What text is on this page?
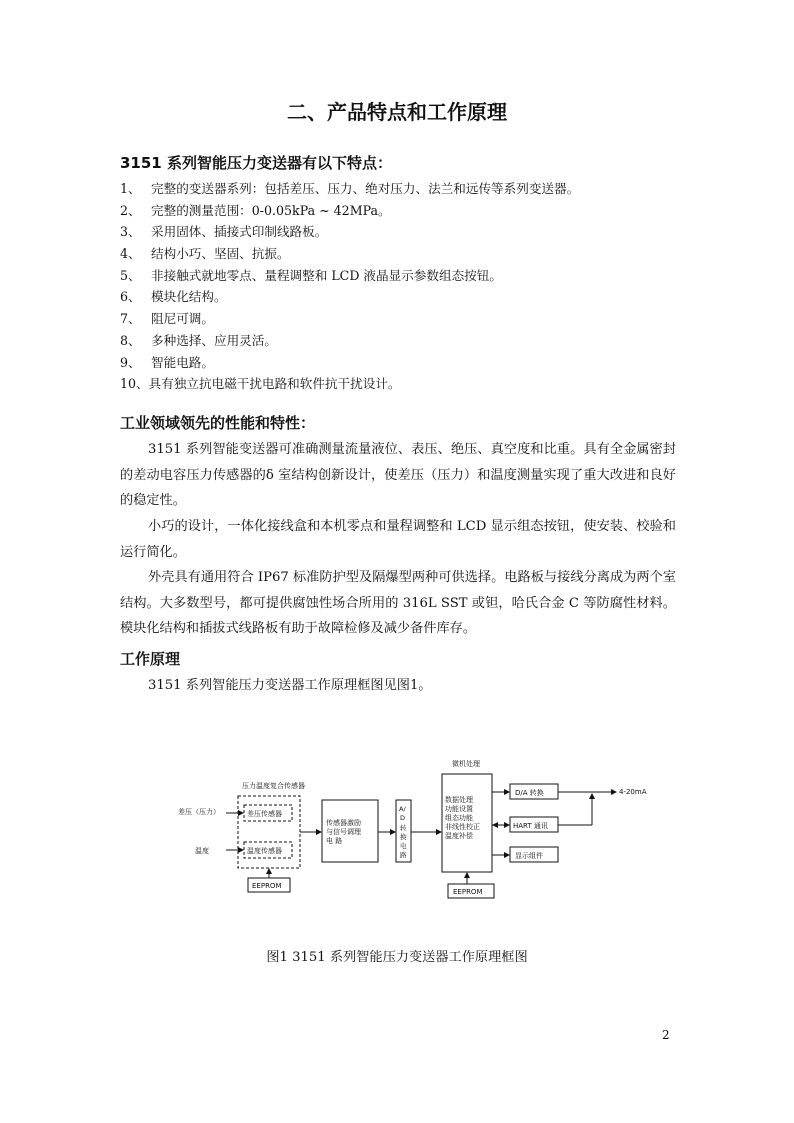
二、产品特点和工作原理
3151 系列智能压力变送器有以下特点：
1、 完整的变送器系列：包括差压、压力、绝对压力、法兰和远传等系列变送器。
2、 完整的测量范围：0-0.05kPa ~ 42MPa。
3、 采用固体、插接式印制线路板。
4、 结构小巧、坚固、抗振。
5、 非接触式就地零点、量程调整和 LCD 液晶显示参数组态按钮。
6、 模块化结构。
7、 阻尼可调。
8、 多种选择、应用灵活。
9、 智能电路。
10、具有独立抗电磁干扰电路和软件抗干扰设计。
工业领域领先的性能和特性：

3151 系列智能变送器可准确测量流量液位、表压、绝压、真空度和比重。具有全金属密封的差动电容压力传感器的δ 室结构创新设计，使差压（压力）和温度测量实现了重大改进和良好的稳定性。

小巧的设计，一体化接线盒和本机零点和量程调整和 LCD 显示组态按钮，使安装、校验和运行简化。

外壳具有通用符合 IP67 标准防护型及隔爆型两种可供选择。电路板与接线分离成为两个室结构。大多数型号，都可提供腐蚀性场合所用的 316L SST 或钽，哈氏合金 C 等防腐性材料。模块化结构和插拔式线路板有助于故障检修及减少备件库存。

工作原理
3151 系列智能压力变送器工作原理框图见图1。
压力温度复合传感器
差压传感器
温度传感器
差压（压力）
温度
EEPROM
传感器激励
与信号调理
电 路
A/
D
转
换
电
路
微机处理
数据处理
功能设置
组态功能
非线性校正
温度补偿
EEPROM
D/A 转换
HART 通讯
显示组件
4-20mA
图1 3151 系列智能压力变送器工作原理框图
2
